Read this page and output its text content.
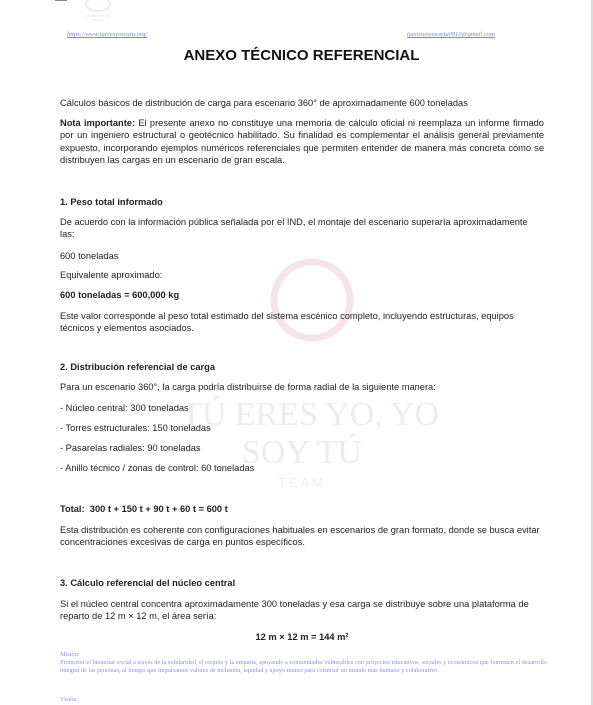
TÚ ERES YO, YO
SOY TÚ
https://www.tueresyosoytu.org/	tueresyoyosoytu0910@gmail.com
TÚ ERES YO, YO
SOY TÚ
TEAM
ANEXO TÉCNICO REFERENCIAL
Cálculos básicos de distribución de carga para escenario 360° de aproximadamente 600 toneladas
Nota importante: El presente anexo no constituye una memoria de cálculo oficial ni reemplaza un informe firmado por un ingeniero estructural o geotécnico habilitado. Su finalidad es complementar el análisis general previamente expuesto, incorporando ejemplos numéricos referenciales que permiten entender de manera más concreta cómo se distribuyen las cargas en un escenario de gran escala.
1. Peso total informado
De acuerdo con la información pública señalada por el IND, el montaje del escenario superaría aproximadamente las:
600 toneladas
Equivalente aproximado:
600 toneladas = 600,000 kg
Este valor corresponde al peso total estimado del sistema escénico completo, incluyendo estructuras, equipos técnicos y elementos asociados.
2. Distribución referencial de carga
Para un escenario 360°, la carga podría distribuirse de forma radial de la siguiente manera:
- Núcleo central: 300 toneladas
- Torres estructurales: 150 toneladas
- Pasarelas radiales: 90 toneladas
- Anillo técnico / zonas de control: 60 toneladas
Total:  300 t + 150 t + 90 t + 60 t = 600 t
Esta distribución es coherente con configuraciones habituales en escenarios de gran formato, donde se busca evitar concentraciones excesivas de carga en puntos específicos.
3. Cálculo referencial del núcleo central
Si el núcleo central concentra aproximadamente 300 toneladas y esa carga se distribuye sobre una plataforma de reparto de 12 m × 12 m, el área sería:
12 m × 12 m = 144 m²
Misión:
Promover el bienestar social a través de la solidaridad, el respeto y la empatía, apoyando a comunidades vulnerables con proyectos educativos, sociales y económicos que fomenten el desarrollo integral de las personas, al tiempo que impulsamos valores de inclusión, equidad y apoyo mutuo para construir un mundo más humano y colaborativo.
Visión:
